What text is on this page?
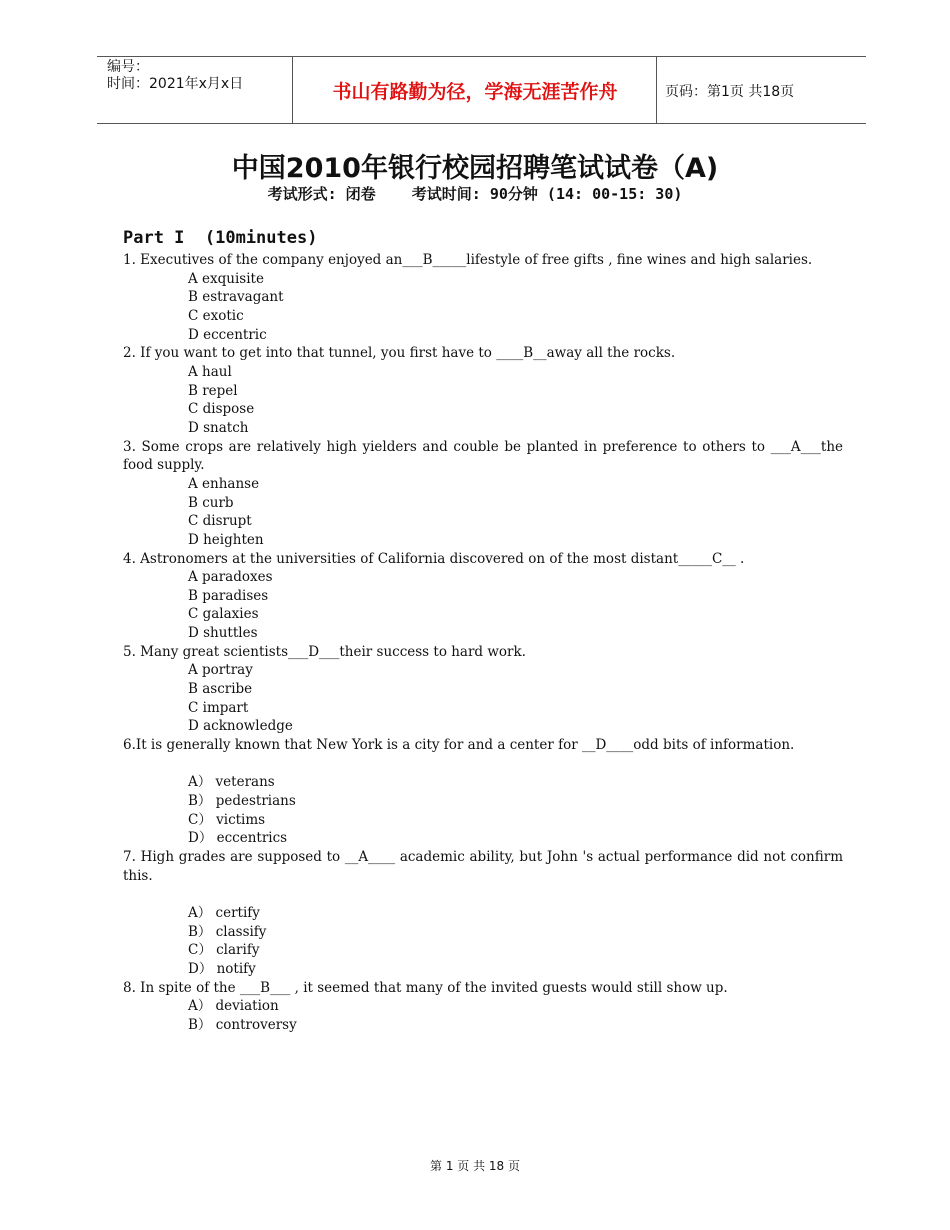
编号：
时间：2021年x月x日	书山有路勤为径，学海无涯苦作舟	页码：第1页 共18页
中国2010年银行校园招聘笔试试卷（A)
考试形式: 闭卷    考试时间: 90分钟 (14: 00-15: 30)
Part I  (10minutes)
1. Executives of the company enjoyed an___B_____lifestyle of free gifts , fine wines and high salaries.
A exquisite
B estravagant
C exotic
D eccentric
2. If you want to get into that tunnel, you first have to ____B__away all the rocks.
A haul
B repel
C dispose
D snatch
3. Some crops are relatively high yielders and couble be planted in preference to others to ___A___the food supply.
A enhanse
B curb
C disrupt
D heighten
4. Astronomers at the universities of California discovered on of the most distant_____C__ .
A paradoxes
B paradises
C galaxies
D shuttles
5. Many great scientists___D___their success to hard work.
A portray
B ascribe
C impart
D acknowledge
6.It is generally known that New York is a city for and a center for __D____odd bits of information.
A） veterans
B） pedestrians
C） victims
D） eccentrics
7. High grades are supposed to __A____ academic ability, but John 's actual performance did not confirm this.
A） certify
B） classify
C） clarify
D） notify
8. In spite of the ___B___ , it seemed that many of the invited guests would still show up.
A） deviation
B） controversy
第 1 页 共 18 页
